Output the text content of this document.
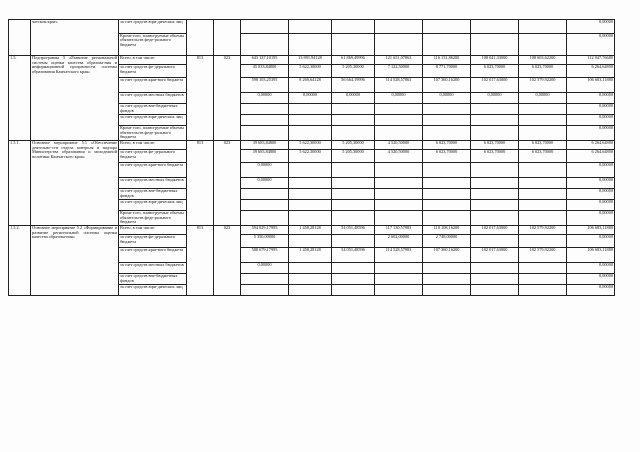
	чатском крае»	за счет средств юри-дических лиц										0,00000
		Кроме того, плани-руемые объемы обязательств феде-рального бюджета										0,00000
1.5.	Подпрограмма 5 «Развитие региональной системы оценки качества образова-ния и информационной прозрачности системы образования Камчатского края»	Всего, в том числе:	813	023	643 137,10195	13 891,94128	61 869,49996	121 651,07863	116 131,86200	108 041,33000	108 603,62200	112 947,76680
		за счет средств фе-дерального бюджета			45 033,84800	5 622,30000	5 205,30000	7 122,50000	8 771,70000	6 023,70000	6 023,70000	6 264,64800
		за счет средств крае-вого бюджета			598 103,25395	8 269,64128	56 664,19996	114 528,57863	107 360,16200	102 017,63000	102 579,92200	106 683,11880
		за счет средств местных бюджетов			0,00000	0,00000	0,00000	0,00000	0,00000	0,00000	0,00000	0,00000
		за счет средств вне-бюджетных фондов										0,00000
		за счет средств юри-дических лиц										0,00000
		Кроме того, плани-руемые объемы обязательств феде-рального бюджета										0,00000
1.5.1.	Основное мероприятие 5.1 «Обеспечение деятельно-сти отдела контроля и надзора Министерства образования и молодежной политики Камчатского края»	Всего, в том числе:	813	023	39 683,84800	5 622,30000	5 205,30000	4 520,50000	6 023,70000	6 023,70000	6 023,70000	6 264,64800
		за счет средств фе-дерального бюджета			39 683,84800	5 622,30000	5 205,30000	4 520,50000	6 023,70000	6 023,70000	6 023,70000	6 264,64800
		за счет средств крае-вого бюджета			0,00000							0,00000
		за счет средств местных бюджетов			0,00000							0,00000
		за счет средств вне-бюджетных фондов										0,00000
		за счет средств юри-дических лиц										0,00000
		Кроме того, плани-руемые объемы обязательств феде-рального бюджета										0,00000
1.5.2.	Основное мероприятие 5.2 «Формирование и развитие региональной системы оценки качества образова-ния»	Всего, в том числе:	813	023	594 029,17995	1 458,28128	54 051,48596	117 130,57983	110 108,16200	102 017,63000	102 579,92200	106 683,11880
		за счет средств фе-дерального бюджета			5 350,00000			2 602,00000	2 748,00000			0,00000
		за счет средств крае-вого бюджета			588 679,17995	1 458,28128	54 051,48596	114 528,57983	107 360,16200	102 017,63000	102 579,92200	106 683,11880
		за счет средств местных бюджетов			0,00000							0,00000
		за счет средств вне-бюджетных фондов										0,00000
		за счет средств юри-дических лиц										0,00000
